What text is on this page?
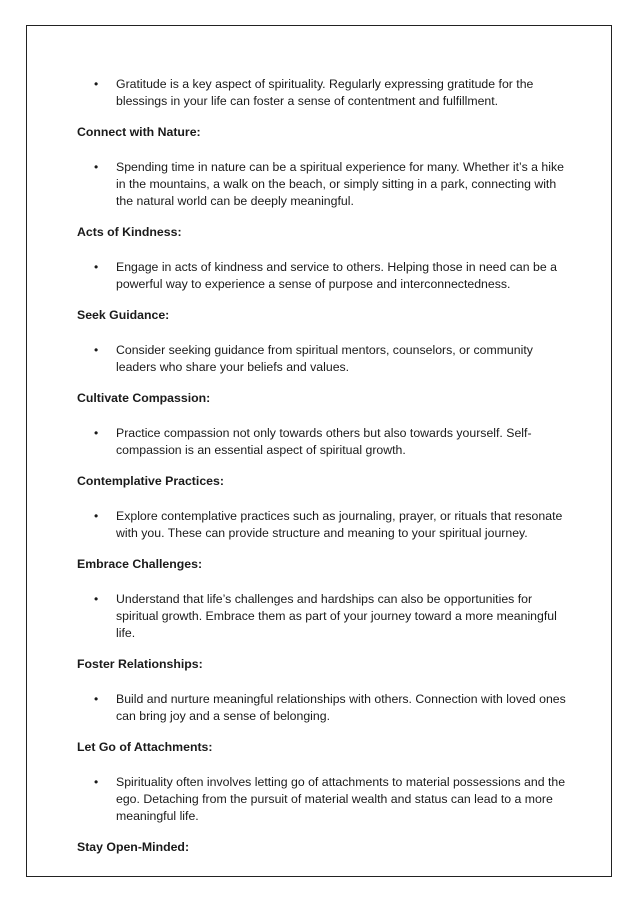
• Gratitude is a key aspect of spirituality. Regularly expressing gratitude for the blessings in your life can foster a sense of contentment and fulfillment.

Connect with Nature:

• Spending time in nature can be a spiritual experience for many. Whether it’s a hike in the mountains, a walk on the beach, or simply sitting in a park, connecting with the natural world can be deeply meaningful.

Acts of Kindness:

• Engage in acts of kindness and service to others. Helping those in need can be a powerful way to experience a sense of purpose and interconnectedness.

Seek Guidance:

• Consider seeking guidance from spiritual mentors, counselors, or community leaders who share your beliefs and values.

Cultivate Compassion:

• Practice compassion not only towards others but also towards yourself. Self-compassion is an essential aspect of spiritual growth.

Contemplative Practices:

• Explore contemplative practices such as journaling, prayer, or rituals that resonate with you. These can provide structure and meaning to your spiritual journey.

Embrace Challenges:

• Understand that life’s challenges and hardships can also be opportunities for spiritual growth. Embrace them as part of your journey toward a more meaningful life.

Foster Relationships:

• Build and nurture meaningful relationships with others. Connection with loved ones can bring joy and a sense of belonging.

Let Go of Attachments:

• Spirituality often involves letting go of attachments to material possessions and the ego. Detaching from the pursuit of material wealth and status can lead to a more meaningful life.

Stay Open-Minded:
